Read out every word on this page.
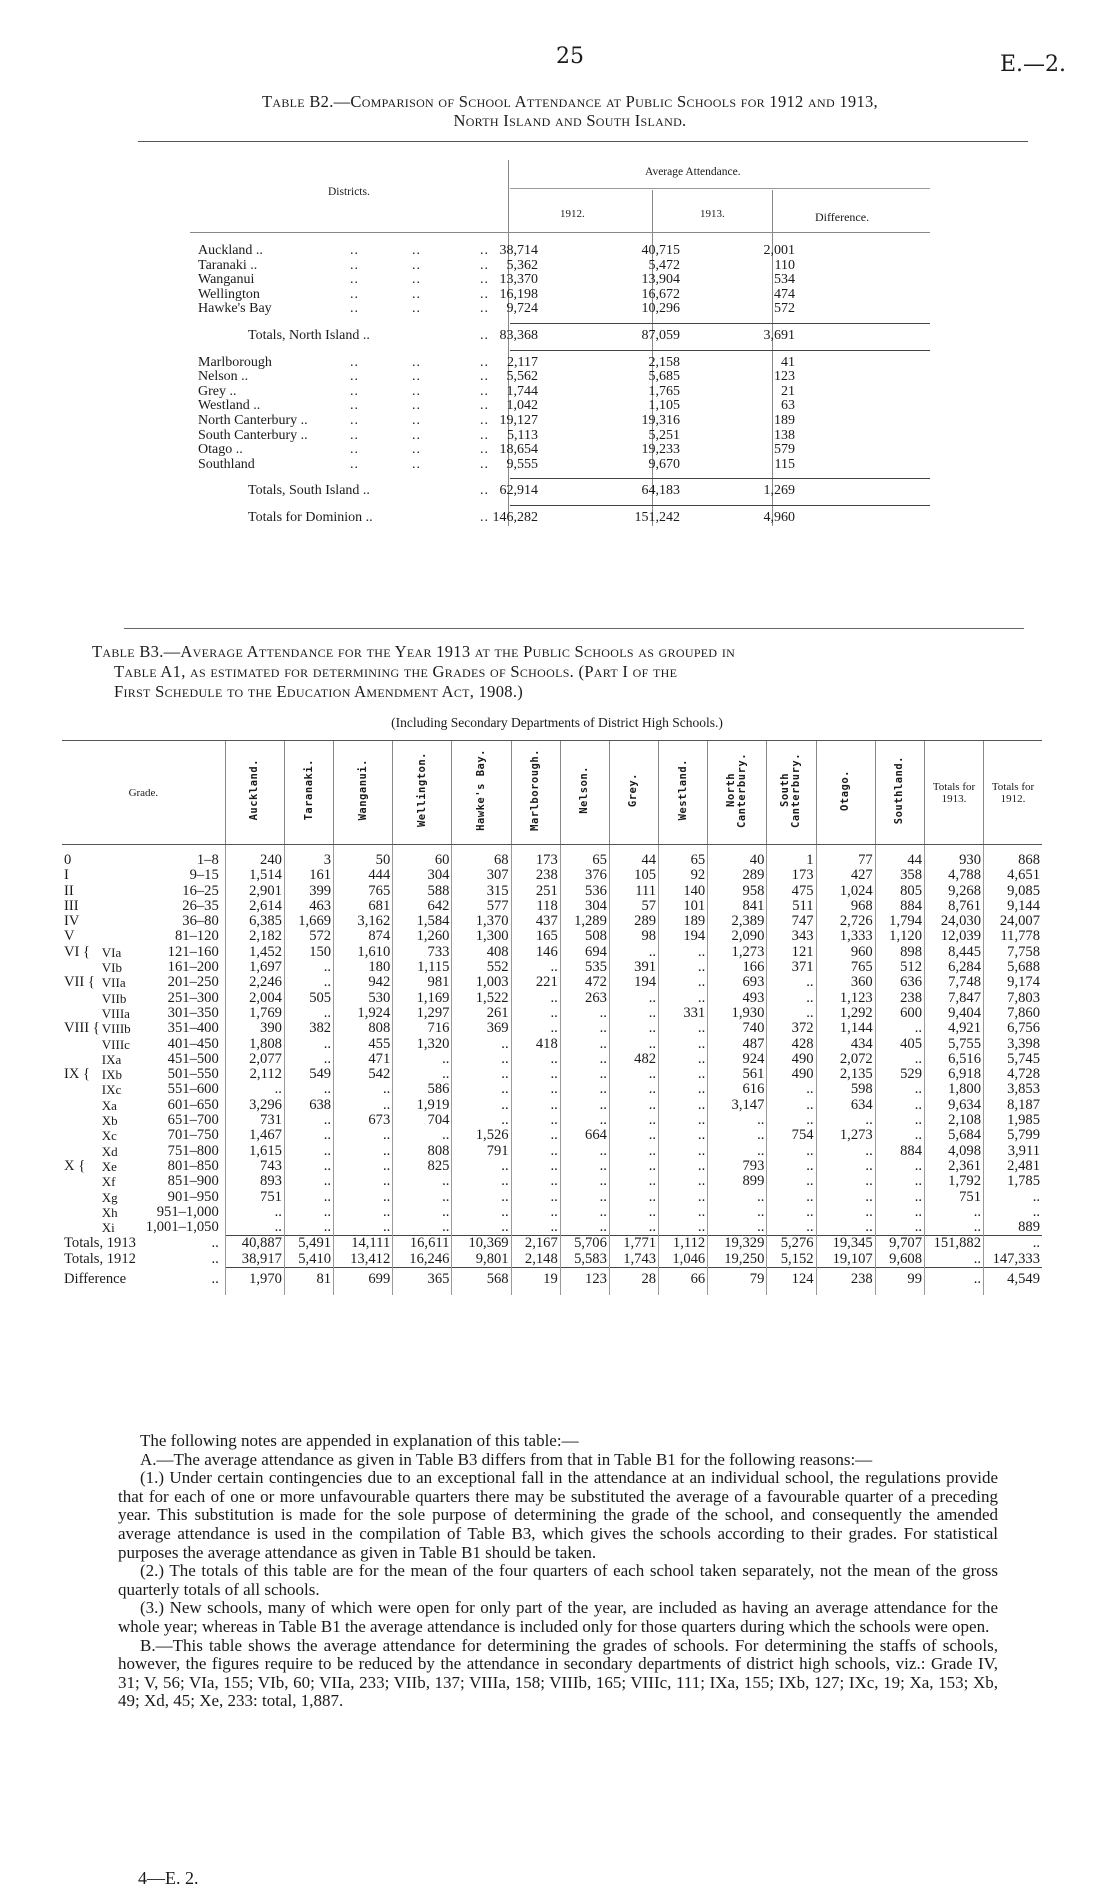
25	E.—2.
Table B2.—Comparison of School Attendance at Public Schools for 1912 and 1913,
North Island and South Island.
Districts.
Average Attendance.
1912.	1913.	Difference.
Auckland ..	..	..	.. 38,714	40,715	2,001
Taranaki ..	..	..	..	5,362	5,472	110
Wanganui	..	..	.. 13,370	13,904	534
Wellington	..	..	.. 16,198	16,672	474
Hawke's Bay	..	..	..	9,724	10,296	572
Totals, North Island ..	.. 83,368	87,059	3,691
Marlborough	..	..	..	2,117	2,158	41
Nelson ..	..	..	..	5,562	5,685	123
Grey ..	..	..	..	1,744	1,765	21
Westland ..	..	..	..	1,042	1,105	63
North Canterbury ..	..	..	.. 19,127	19,316	189
South Canterbury ..	..	..	..	5,113	5,251	138
Otago ..	..	..	.. 18,654	19,233	579
Southland	..	..	..	9,555	9,670	115
Totals, South Island ..	.. 62,914	64,183	1,269
Totals for Dominion ..	.. 146,282	151,242	4,960
Table B3.—Average Attendance for the Year 1913 at the Public Schools as grouped in
Table A1, as estimated for determining the Grades of Schools. (Part I of the
First Schedule to the Education Amendment Act, 1908.)
(Including Secondary Departments of District High Schools.)
Grade.			Auckland.	Taranaki.	Wanganui.	Wellington.	Hawke's Bay.	Marlborough.	Nelson.	Grey.	Westland.	North Canterbury.	South Canterbury.	Otago.	Southland.	Totals for 1913.	Totals for 1912.
0		1–8	240	3	50	60	68	173	65	44	65	40	1	77	44	930	868
I		9–15	1,514	161	444	304	307	238	376	105	92	289	173	427	358	4,788	4,651
II		16–25	2,901	399	765	588	315	251	536	111	140	958	475	1,024	805	9,268	9,085
III		26–35	2,614	463	681	642	577	118	304	57	101	841	511	968	884	8,761	9,144
IV		36–80	6,385	1,669	3,162	1,584	1,370	437	1,289	289	189	2,389	747	2,726	1,794	24,030	24,007
V		81–120	2,182	572	874	1,260	1,300	165	508	98	194	2,090	343	1,333	1,120	12,039	11,778
VI {	VIa	121–160	1,452	150	1,610	733	408	146	694	..	..	1,273	121	960	898	8,445	7,758
	VIb	161–200	1,697	..	180	1,115	552	..	535	391	..	166	371	765	512	6,284	5,688
VII {	VIIa	201–250	2,246	..	942	981	1,003	221	472	194	..	693	..	360	636	7,748	9,174
	VIIb	251–300	2,004	505	530	1,169	1,522	..	263	..	..	493	..	1,123	238	7,847	7,803
	VIIIa	301–350	1,769	..	1,924	1,297	261	..	..	..	331	1,930	..	1,292	600	9,404	7,860
VIII {	VIIIb	351–400	390	382	808	716	369	..	..	..	..	740	372	1,144	..	4,921	6,756
	VIIIc	401–450	1,808	..	455	1,320	..	418	..	..	..	487	428	434	405	5,755	3,398
	IXa	451–500	2,077	..	471	..	..	..	..	482	..	924	490	2,072	..	6,516	5,745
IX {	IXb	501–550	2,112	549	542	..	..	..	..	..	..	561	490	2,135	529	6,918	4,728
	IXc	551–600	..	..	..	586	..	..	..	..	..	616	..	598	..	1,800	3,853
	Xa	601–650	3,296	638	..	1,919	..	..	..	..	..	3,147	..	634	..	9,634	8,187
	Xb	651–700	731	..	673	704	..	..	..	..	..	..	..	..	..	2,108	1,985
	Xc	701–750	1,467	..	..	..	1,526	..	664	..	..	..	754	1,273	..	5,684	5,799
	Xd	751–800	1,615	..	..	808	791	..	..	..	..	..	..	..	884	4,098	3,911
X {	Xe	801–850	743	..	..	825	..	..	..	..	..	793	..	..	..	2,361	2,481
	Xf	851–900	893	..	..	..	..	..	..	..	..	899	..	..	..	1,792	1,785
	Xg	901–950	751	..	..	..	..	..	..	..	..	..	..	..	..	751	..
	Xh	951–1,000	..	..	..	..	..	..	..	..	..	..	..	..	..	..	..
	Xi	1,001–1,050	..	..	..	..	..	..	..	..	..	..	..	..	..	..	889
Totals, 1913 ..			40,887	5,491	14,111	16,611	10,369	2,167	5,706	1,771	1,112	19,329	5,276	19,345	9,707	151,882	..
Totals, 1912 ..			38,917	5,410	13,412	16,246	9,801	2,148	5,583	1,743	1,046	19,250	5,152	19,107	9,608	..	147,333
Difference ..			1,970	81	699	365	568	19	123	28	66	79	124	238	99	..	4,549

The following notes are appended in explanation of this table:—

A.—The average attendance as given in Table B3 differs from that in Table B1 for the following reasons:—

(1.) Under certain contingencies due to an exceptional fall in the attendance at an individual school, the regulations provide that for each of one or more unfavourable quarters there may be substituted the average of a favourable quarter of a preceding year. This substitution is made for the sole purpose of determining the grade of the school, and consequently the amended average attendance is used in the compilation of Table B3, which gives the schools according to their grades. For statistical purposes the average attendance as given in Table B1 should be taken.

(2.) The totals of this table are for the mean of the four quarters of each school taken separately, not the mean of the gross quarterly totals of all schools.

(3.) New schools, many of which were open for only part of the year, are included as having an average attendance for the whole year; whereas in Table B1 the average attendance is included only for those quarters during which the schools were open.

B.—This table shows the average attendance for determining the grades of schools. For determining the staffs of schools, however, the figures require to be reduced by the attendance in secondary departments of district high schools, viz.: Grade IV, 31; V, 56; VIa, 155; VIb, 60; VIIa, 233; VIIb, 137; VIIIa, 158; VIIIb, 165; VIIIc, 111; IXa, 155; IXb, 127; IXc, 19; Xa, 153; Xb, 49; Xd, 45; Xe, 233: total, 1,887.

4—E. 2.
